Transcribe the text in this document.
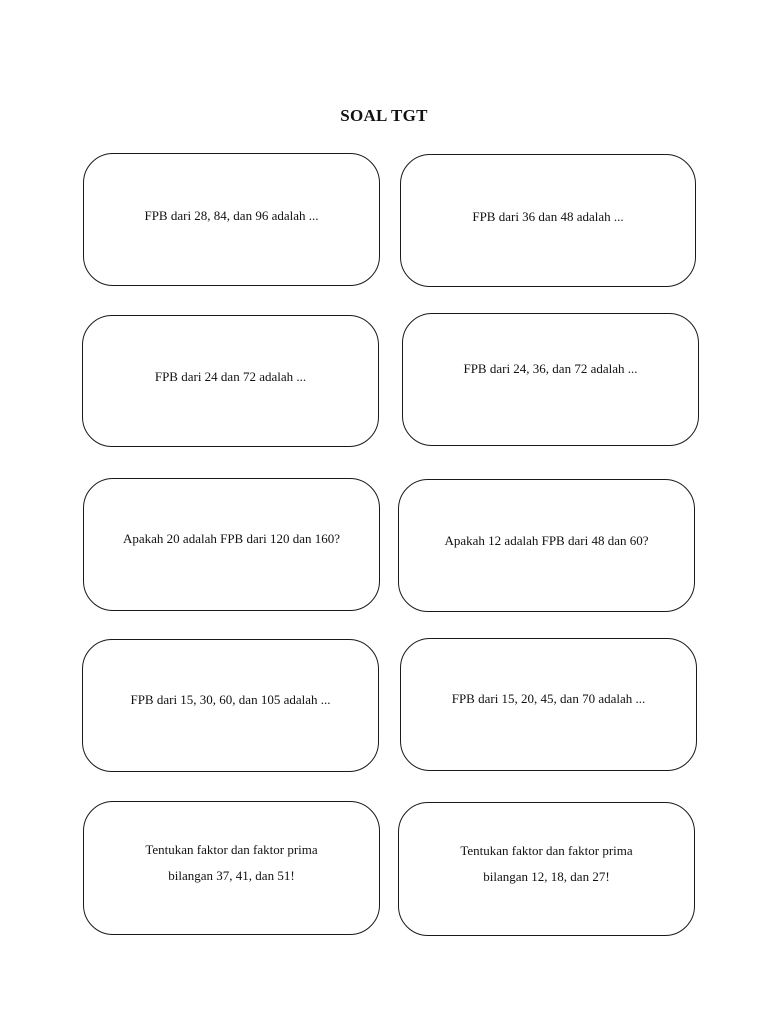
SOAL TGT
FPB dari 28, 84, dan 96 adalah ...	FPB dari 36 dan 48 adalah ...
FPB dari 24 dan 72 adalah ...
FPB dari 24, 36, dan 72 adalah ...
Apakah 20 adalah FPB dari 120 dan 160?	Apakah 12 adalah FPB dari 48 dan 60?
FPB dari 15, 30, 60, dan 105 adalah ...	FPB dari 15, 20, 45, dan 70 adalah ...
Tentukan faktor dan faktor prima
bilangan 37, 41, dan 51!
Tentukan faktor dan faktor prima
bilangan 12, 18, dan 27!
